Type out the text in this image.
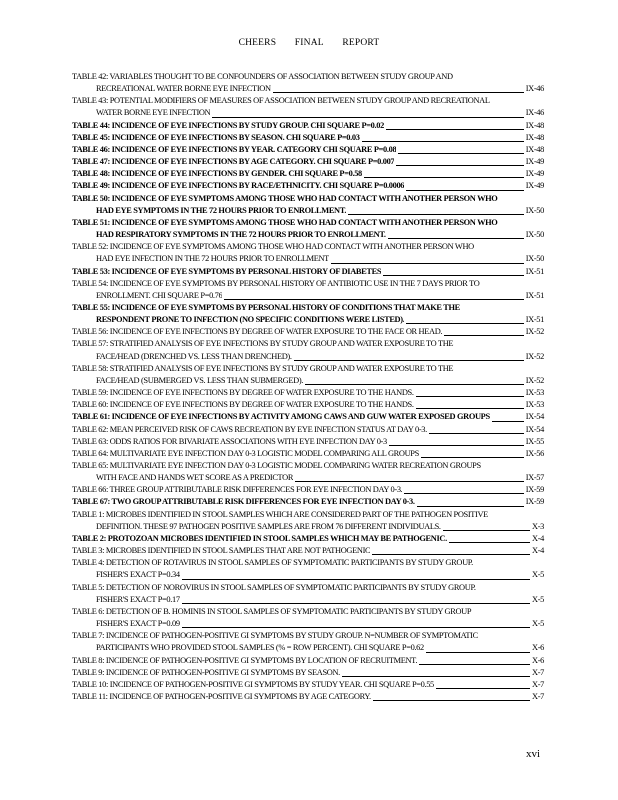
CHEERS FINAL REPORT
TABLE 42: VARIABLES THOUGHT TO BE CONFOUNDERS OF ASSOCIATION BETWEEN STUDY GROUP AND
RECREATIONAL WATER BORNE EYE INFECTION	IX-46
TABLE 43: POTENTIAL MODIFIERS OF MEASURES OF ASSOCIATION BETWEEN STUDY GROUP AND RECREATIONAL
WATER BORNE EYE INFECTION	IX-46
TABLE 44: INCIDENCE OF EYE INFECTIONS BY STUDY GROUP. CHI SQUARE P=0.02	IX-48
TABLE 45: INCIDENCE OF EYE INFECTIONS BY SEASON. CHI SQUARE P=0.03	IX-48
TABLE 46: INCIDENCE OF EYE INFECTIONS BY YEAR. CATEGORY CHI SQUARE P=0.08	IX-48
TABLE 47: INCIDENCE OF EYE INFECTIONS BY AGE CATEGORY. CHI SQUARE P=0.007	IX-49
TABLE 48: INCIDENCE OF EYE INFECTIONS BY GENDER. CHI SQUARE P=0.58	IX-49
TABLE 49: INCIDENCE OF EYE INFECTIONS BY RACE/ETHNICITY. CHI SQUARE P=0.0006	IX-49
TABLE 50: INCIDENCE OF EYE SYMPTOMS AMONG THOSE WHO HAD CONTACT WITH ANOTHER PERSON WHO
HAD EYE SYMPTOMS IN THE 72 HOURS PRIOR TO ENROLLMENT.	IX-50
TABLE 51: INCIDENCE OF EYE SYMPTOMS AMONG THOSE WHO HAD CONTACT WITH ANOTHER PERSON WHO
HAD RESPIRATORY SYMPTOMS IN THE 72 HOURS PRIOR TO ENROLLMENT.	IX-50
TABLE 52: INCIDENCE OF EYE SYMPTOMS AMONG THOSE WHO HAD CONTACT WITH ANOTHER PERSON WHO
HAD EYE INFECTION IN THE 72 HOURS PRIOR TO ENROLLMENT	IX-50
TABLE 53: INCIDENCE OF EYE SYMPTOMS BY PERSONAL HISTORY OF DIABETES	IX-51
TABLE 54: INCIDENCE OF EYE SYMPTOMS BY PERSONAL HISTORY OF ANTIBIOTIC USE IN THE 7 DAYS PRIOR TO
ENROLLMENT. CHI SQUARE P=0.76	IX-51
TABLE 55: INCIDENCE OF EYE SYMPTOMS BY PERSONAL HISTORY OF CONDITIONS THAT MAKE THE
RESPONDENT PRONE TO INFECTION (NO SPECIFIC CONDITIONS WERE LISTED).	IX-51
TABLE 56: INCIDENCE OF EYE INFECTIONS BY DEGREE OF WATER EXPOSURE TO THE FACE OR HEAD.	IX-52
TABLE 57: STRATIFIED ANALYSIS OF EYE INFECTIONS BY STUDY GROUP AND WATER EXPOSURE TO THE
FACE/HEAD (DRENCHED VS. LESS THAN DRENCHED).	IX-52
TABLE 58: STRATIFIED ANALYSIS OF EYE INFECTIONS BY STUDY GROUP AND WATER EXPOSURE TO THE
FACE/HEAD (SUBMERGED VS. LESS THAN SUBMERGED).	IX-52
TABLE 59: INCIDENCE OF EYE INFECTIONS BY DEGREE OF WATER EXPOSURE TO THE HANDS.	IX-53
TABLE 60: INCIDENCE OF EYE INFECTIONS BY DEGREE OF WATER EXPOSURE TO THE HANDS.	IX-53
TABLE 61: INCIDENCE OF EYE INFECTIONS BY ACTIVITY AMONG CAWS AND GUW WATER EXPOSED GROUPS	IX-54
TABLE 62: MEAN PERCEIVED RISK OF CAWS RECREATION BY EYE INFECTION STATUS AT DAY 0-3.	IX-54
TABLE 63: ODDS RATIOS FOR BIVARIATE ASSOCIATIONS WITH EYE INFECTION DAY 0-3	IX-55
TABLE 64: MULTIVARIATE EYE INFECTION DAY 0-3 LOGISTIC MODEL COMPARING ALL GROUPS	IX-56
TABLE 65: MULTIVARIATE EYE INFECTION DAY 0-3 LOGISTIC MODEL COMPARING WATER RECREATION GROUPS
WITH FACE AND HANDS WET SCORE AS A PREDICTOR	IX-57
TABLE 66: THREE GROUP ATTRIBUTABLE RISK DIFFERENCES FOR EYE INFECTION DAY 0-3.	IX-59
TABLE 67: TWO GROUP ATTRIBUTABLE RISK DIFFERENCES FOR EYE INFECTION DAY 0-3.	IX-59
TABLE 1: MICROBES IDENTIFIED IN STOOL SAMPLES WHICH ARE CONSIDERED PART OF THE PATHOGEN POSITIVE
DEFINITION. THESE 97 PATHOGEN POSITIVE SAMPLES ARE FROM 76 DIFFERENT INDIVIDUALS.	X-3
TABLE 2: PROTOZOAN MICROBES IDENTIFIED IN STOOL SAMPLES WHICH MAY BE PATHOGENIC.	X-4
TABLE 3: MICROBES IDENTIFIED IN STOOL SAMPLES THAT ARE NOT PATHOGENIC	X-4
TABLE 4: DETECTION OF ROTAVIRUS IN STOOL SAMPLES OF SYMPTOMATIC PARTICIPANTS BY STUDY GROUP.
FISHER'S EXACT P=0.34	X-5
TABLE 5: DETECTION OF NOROVIRUS IN STOOL SAMPLES OF SYMPTOMATIC PARTICIPANTS BY STUDY GROUP.
FISHER'S EXACT P=0.17	X-5
TABLE 6: DETECTION OF B. HOMINIS IN STOOL SAMPLES OF SYMPTOMATIC PARTICIPANTS BY STUDY GROUP
FISHER'S EXACT P=0.09	X-5
TABLE 7: INCIDENCE OF PATHOGEN-POSITIVE GI SYMPTOMS BY STUDY GROUP. N=NUMBER OF SYMPTOMATIC
PARTICIPANTS WHO PROVIDED STOOL SAMPLES (% = ROW PERCENT). CHI SQUARE P=0.62	X-6
TABLE 8: INCIDENCE OF PATHOGEN-POSITIVE GI SYMPTOMS BY LOCATION OF RECRUITMENT.	X-6
TABLE 9: INCIDENCE OF PATHOGEN-POSITIVE GI SYMPTOMS BY SEASON.	X-7
TABLE 10: INCIDENCE OF PATHOGEN-POSITIVE GI SYMPTOMS BY STUDY YEAR. CHI SQUARE P=0.55	X-7
TABLE 11: INCIDENCE OF PATHOGEN-POSITIVE GI SYMPTOMS BY AGE CATEGORY.	X-7
xvi
